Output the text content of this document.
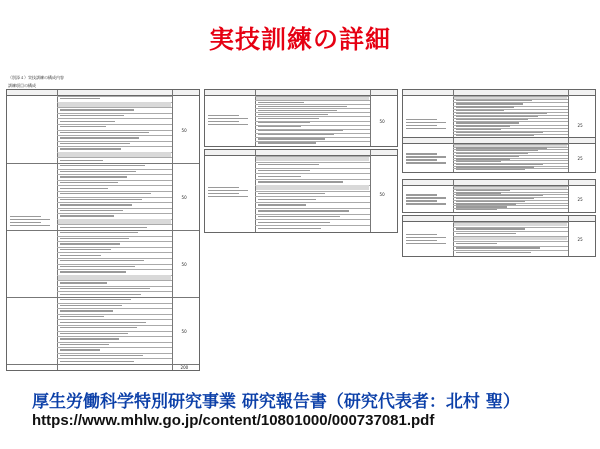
実技訓練の詳細
（別添４）実技訓練の構成内容
訓練項目の構成
50
50
50
50
200
50
50
25
25
25
25
厚生労働科学特別研究事業 研究報告書（研究代表者：北村 聖）
https://www.mhlw.go.jp/content/10801000/000737081.pdf
